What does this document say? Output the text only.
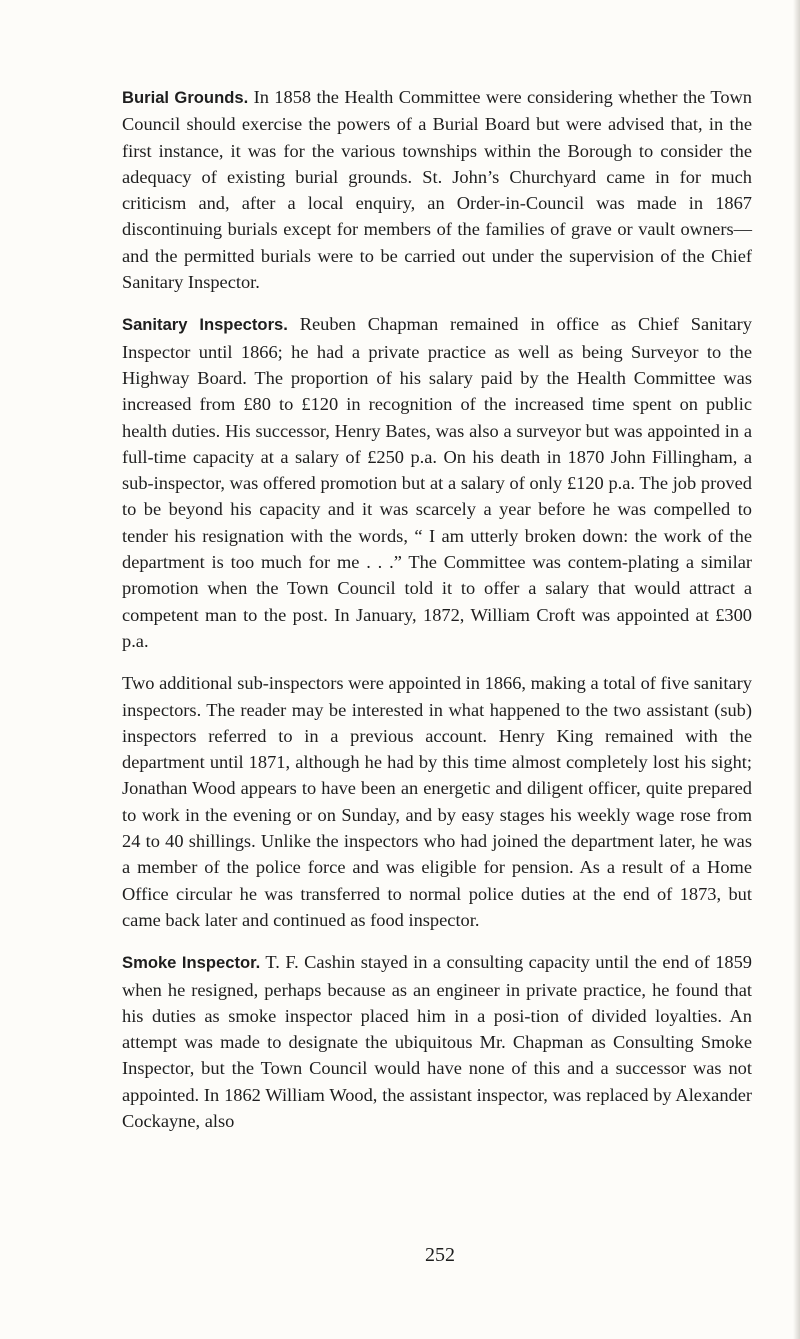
Burial Grounds. In 1858 the Health Committee were considering whether the Town Council should exercise the powers of a Burial Board but were advised that, in the first instance, it was for the various townships within the Borough to consider the adequacy of existing burial grounds. St. John’s Churchyard came in for much criticism and, after a local enquiry, an Order-in-Council was made in 1867 discontinuing burials except for members of the families of grave or vault owners—and the permitted burials were to be carried out under the supervision of the Chief Sanitary Inspector.

Sanitary Inspectors. Reuben Chapman remained in office as Chief Sanitary Inspector until 1866; he had a private practice as well as being Surveyor to the Highway Board. The proportion of his salary paid by the Health Committee was increased from £80 to £120 in recognition of the increased time spent on public health duties. His successor, Henry Bates, was also a surveyor but was appointed in a full-time capacity at a salary of £250 p.a. On his death in 1870 John Fillingham, a sub-inspector, was offered promotion but at a salary of only £120 p.a. The job proved to be beyond his capacity and it was scarcely a year before he was compelled to tender his resignation with the words, “ I am utterly broken down: the work of the department is too much for me . . .” The Committee was contem-plating a similar promotion when the Town Council told it to offer a salary that would attract a competent man to the post. In January, 1872, William Croft was appointed at £300 p.a.

Two additional sub-inspectors were appointed in 1866, making a total of five sanitary inspectors. The reader may be interested in what happened to the two assistant (sub) inspectors referred to in a previous account. Henry King remained with the department until 1871, although he had by this time almost completely lost his sight; Jonathan Wood appears to have been an energetic and diligent officer, quite prepared to work in the evening or on Sunday, and by easy stages his weekly wage rose from 24 to 40 shillings. Unlike the inspectors who had joined the department later, he was a member of the police force and was eligible for pension. As a result of a Home Office circular he was transferred to normal police duties at the end of 1873, but came back later and continued as food inspector.

Smoke Inspector. T. F. Cashin stayed in a consulting capacity until the end of 1859 when he resigned, perhaps because as an engineer in private practice, he found that his duties as smoke inspector placed him in a posi-tion of divided loyalties. An attempt was made to designate the ubiquitous Mr. Chapman as Consulting Smoke Inspector, but the Town Council would have none of this and a successor was not appointed. In 1862 William Wood, the assistant inspector, was replaced by Alexander Cockayne, also

252
